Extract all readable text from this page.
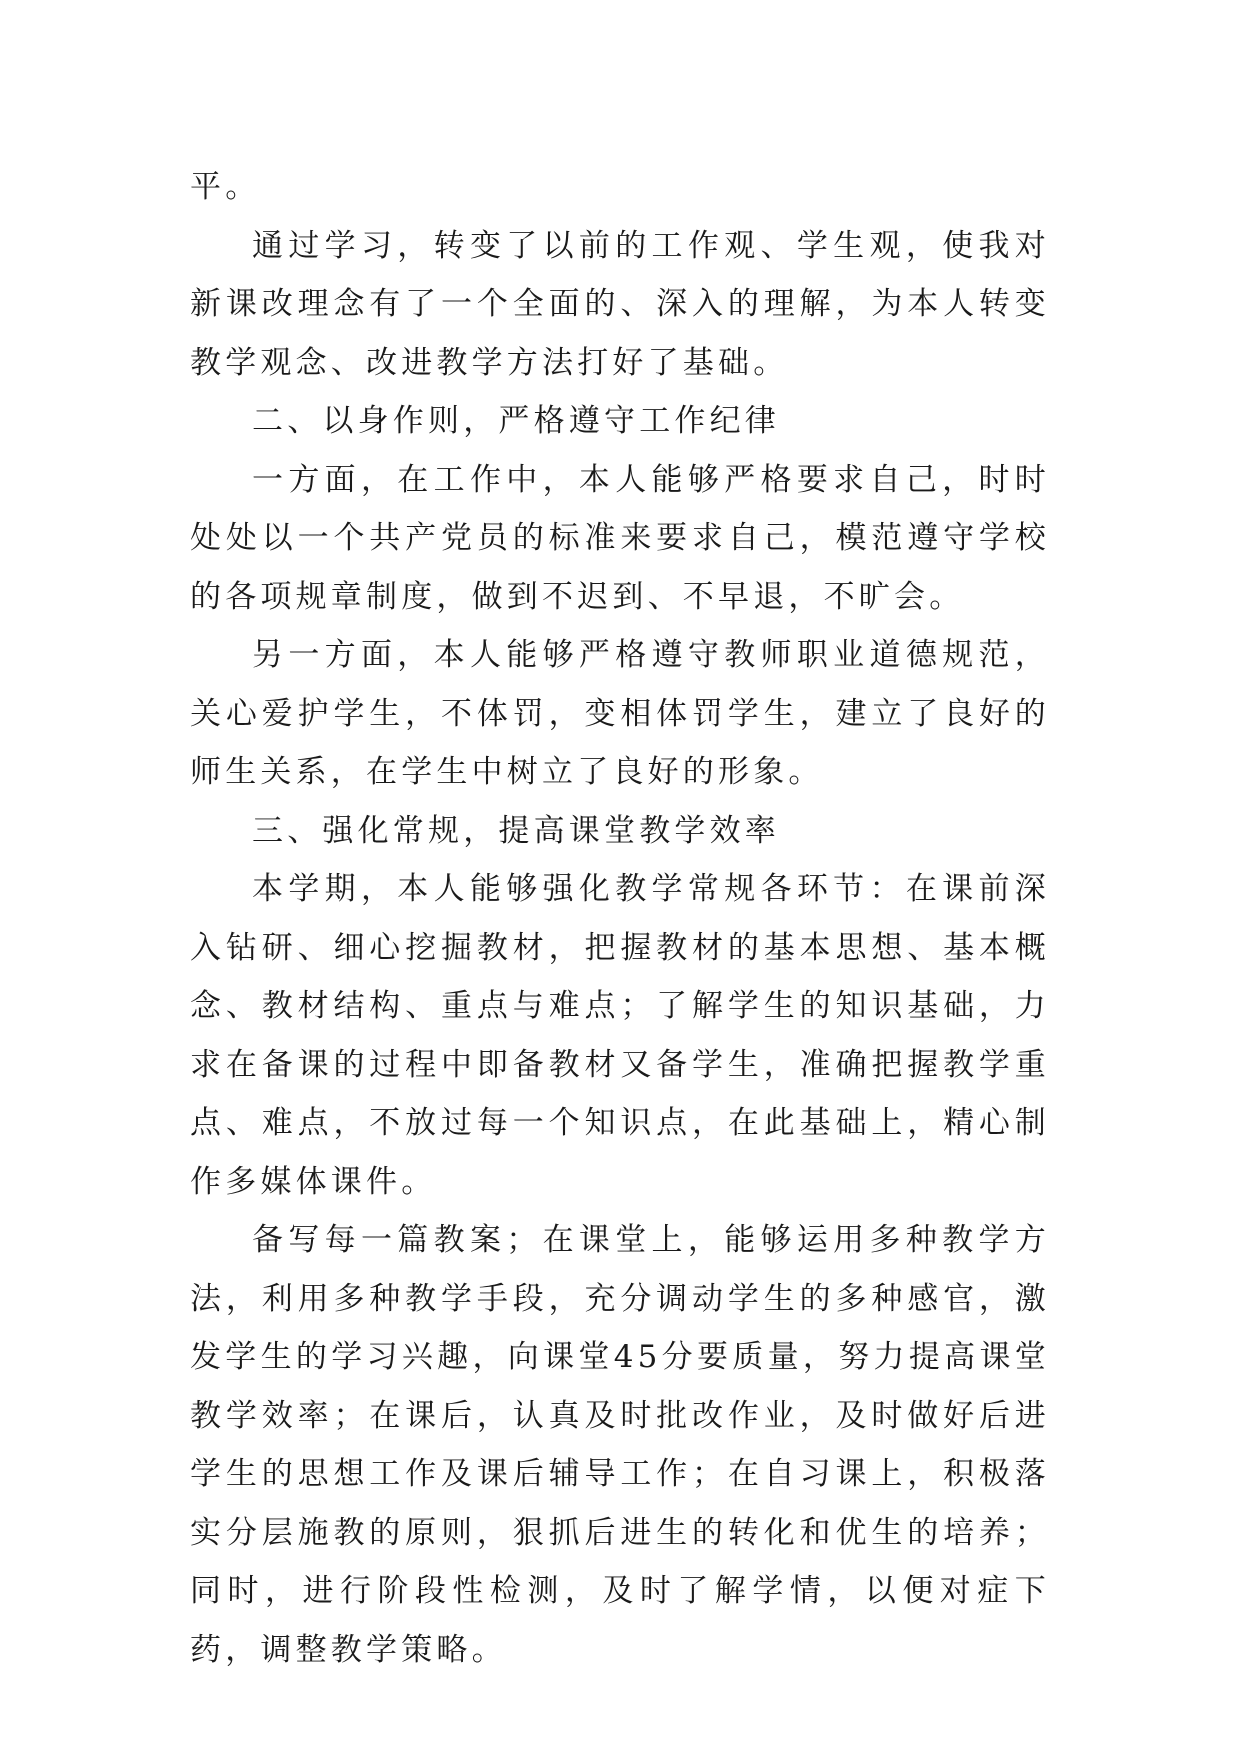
平。

通过学习，转变了以前的工作观、学生观，使我对新课改理念有了一个全面的、深入的理解，为本人转变教学观念、改进教学方法打好了基础。

二、以身作则，严格遵守工作纪律

一方面，在工作中，本人能够严格要求自己，时时处处以一个共产党员的标准来要求自己，模范遵守学校的各项规章制度，做到不迟到、不早退，不旷会。

另一方面，本人能够严格遵守教师职业道德规范，关心爱护学生，不体罚，变相体罚学生，建立了良好的师生关系，在学生中树立了良好的形象。

三、强化常规，提高课堂教学效率

本学期，本人能够强化教学常规各环节：在课前深入钻研、细心挖掘教材，把握教材的基本思想、基本概念、教材结构、重点与难点；了解学生的知识基础，力求在备课的过程中即备教材又备学生，准确把握教学重点、难点，不放过每一个知识点，在此基础上，精心制作多媒体课件。

备写每一篇教案；在课堂上，能够运用多种教学方法，利用多种教学手段，充分调动学生的多种感官，激发学生的学习兴趣，向课堂45分要质量，努力提高课堂教学效率；在课后，认真及时批改作业，及时做好后进学生的思想工作及课后辅导工作；在自习课上，积极落实分层施教的原则，狠抓后进生的转化和优生的培养；同时，进行阶段性检测，及时了解学情，以便对症下药，调整教学策略。
